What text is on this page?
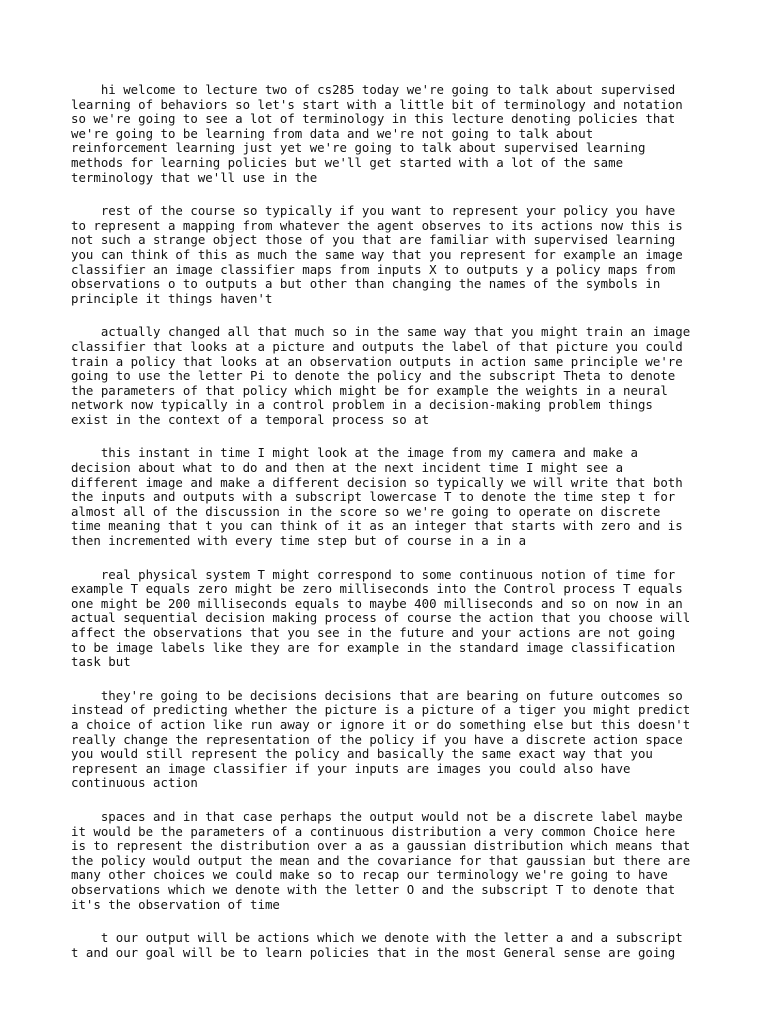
hi welcome to lecture two of cs285 today we're going to talk about supervised
learning of behaviors so let's start with a little bit of terminology and notation
so we're going to see a lot of terminology in this lecture denoting policies that
we're going to be learning from data and we're not going to talk about
reinforcement learning just yet we're going to talk about supervised learning
methods for learning policies but we'll get started with a lot of the same
terminology that we'll use in the

rest of the course so typically if you want to represent your policy you have
to represent a mapping from whatever the agent observes to its actions now this is
not such a strange object those of you that are familiar with supervised learning
you can think of this as much the same way that you represent for example an image
classifier an image classifier maps from inputs X to outputs y a policy maps from
observations o to outputs a but other than changing the names of the symbols in
principle it things haven't

actually changed all that much so in the same way that you might train an image
classifier that looks at a picture and outputs the label of that picture you could
train a policy that looks at an observation outputs in action same principle we're
going to use the letter Pi to denote the policy and the subscript Theta to denote
the parameters of that policy which might be for example the weights in a neural
network now typically in a control problem in a decision-making problem things
exist in the context of a temporal process so at

this instant in time I might look at the image from my camera and make a
decision about what to do and then at the next incident time I might see a
different image and make a different decision so typically we will write that both
the inputs and outputs with a subscript lowercase T to denote the time step t for
almost all of the discussion in the score so we're going to operate on discrete
time meaning that t you can think of it as an integer that starts with zero and is
then incremented with every time step but of course in a in a

real physical system T might correspond to some continuous notion of time for
example T equals zero might be zero milliseconds into the Control process T equals
one might be 200 milliseconds equals to maybe 400 milliseconds and so on now in an
actual sequential decision making process of course the action that you choose will
affect the observations that you see in the future and your actions are not going
to be image labels like they are for example in the standard image classification
task but

they're going to be decisions decisions that are bearing on future outcomes so
instead of predicting whether the picture is a picture of a tiger you might predict
a choice of action like run away or ignore it or do something else but this doesn't
really change the representation of the policy if you have a discrete action space
you would still represent the policy and basically the same exact way that you
represent an image classifier if your inputs are images you could also have
continuous action

spaces and in that case perhaps the output would not be a discrete label maybe
it would be the parameters of a continuous distribution a very common Choice here
is to represent the distribution over a as a gaussian distribution which means that
the policy would output the mean and the covariance for that gaussian but there are
many other choices we could make so to recap our terminology we're going to have
observations which we denote with the letter O and the subscript T to denote that
it's the observation of time

t our output will be actions which we denote with the letter a and a subscript
t and our goal will be to learn policies that in the most General sense are going
